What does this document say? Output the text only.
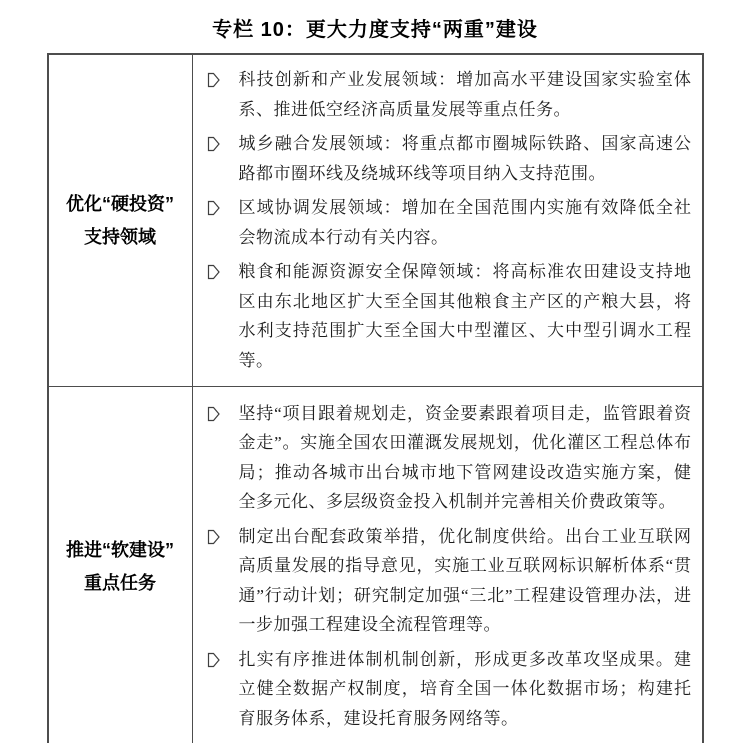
专栏 10：更大力度支持“两重”建设
优化“硬投资”
支持领域
科技创新和产业发展领域：增加高水平建设国家实验室体系、推进低空经济高质量发展等重点任务。
城乡融合发展领域：将重点都市圈城际铁路、国家高速公路都市圈环线及绕城环线等项目纳入支持范围。
区域协调发展领域：增加在全国范围内实施有效降低全社会物流成本行动有关内容。
粮食和能源资源安全保障领域：将高标准农田建设支持地区由东北地区扩大至全国其他粮食主产区的产粮大县，将水利支持范围扩大至全国大中型灌区、大中型引调水工程等。
推进“软建设”
重点任务
坚持“项目跟着规划走，资金要素跟着项目走，监管跟着资金走”。实施全国农田灌溉发展规划，优化灌区工程总体布局；推动各城市出台城市地下管网建设改造实施方案，健全多元化、多层级资金投入机制并完善相关价费政策等。
制定出台配套政策举措，优化制度供给。出台工业互联网高质量发展的指导意见，实施工业互联网标识解析体系“贯通”行动计划；研究制定加强“三北”工程建设管理办法，进一步加强工程建设全流程管理等。
扎实有序推进体制机制创新，形成更多改革攻坚成果。建立健全数据产权制度，培育全国一体化数据市场；构建托育服务体系，建设托育服务网络等。
